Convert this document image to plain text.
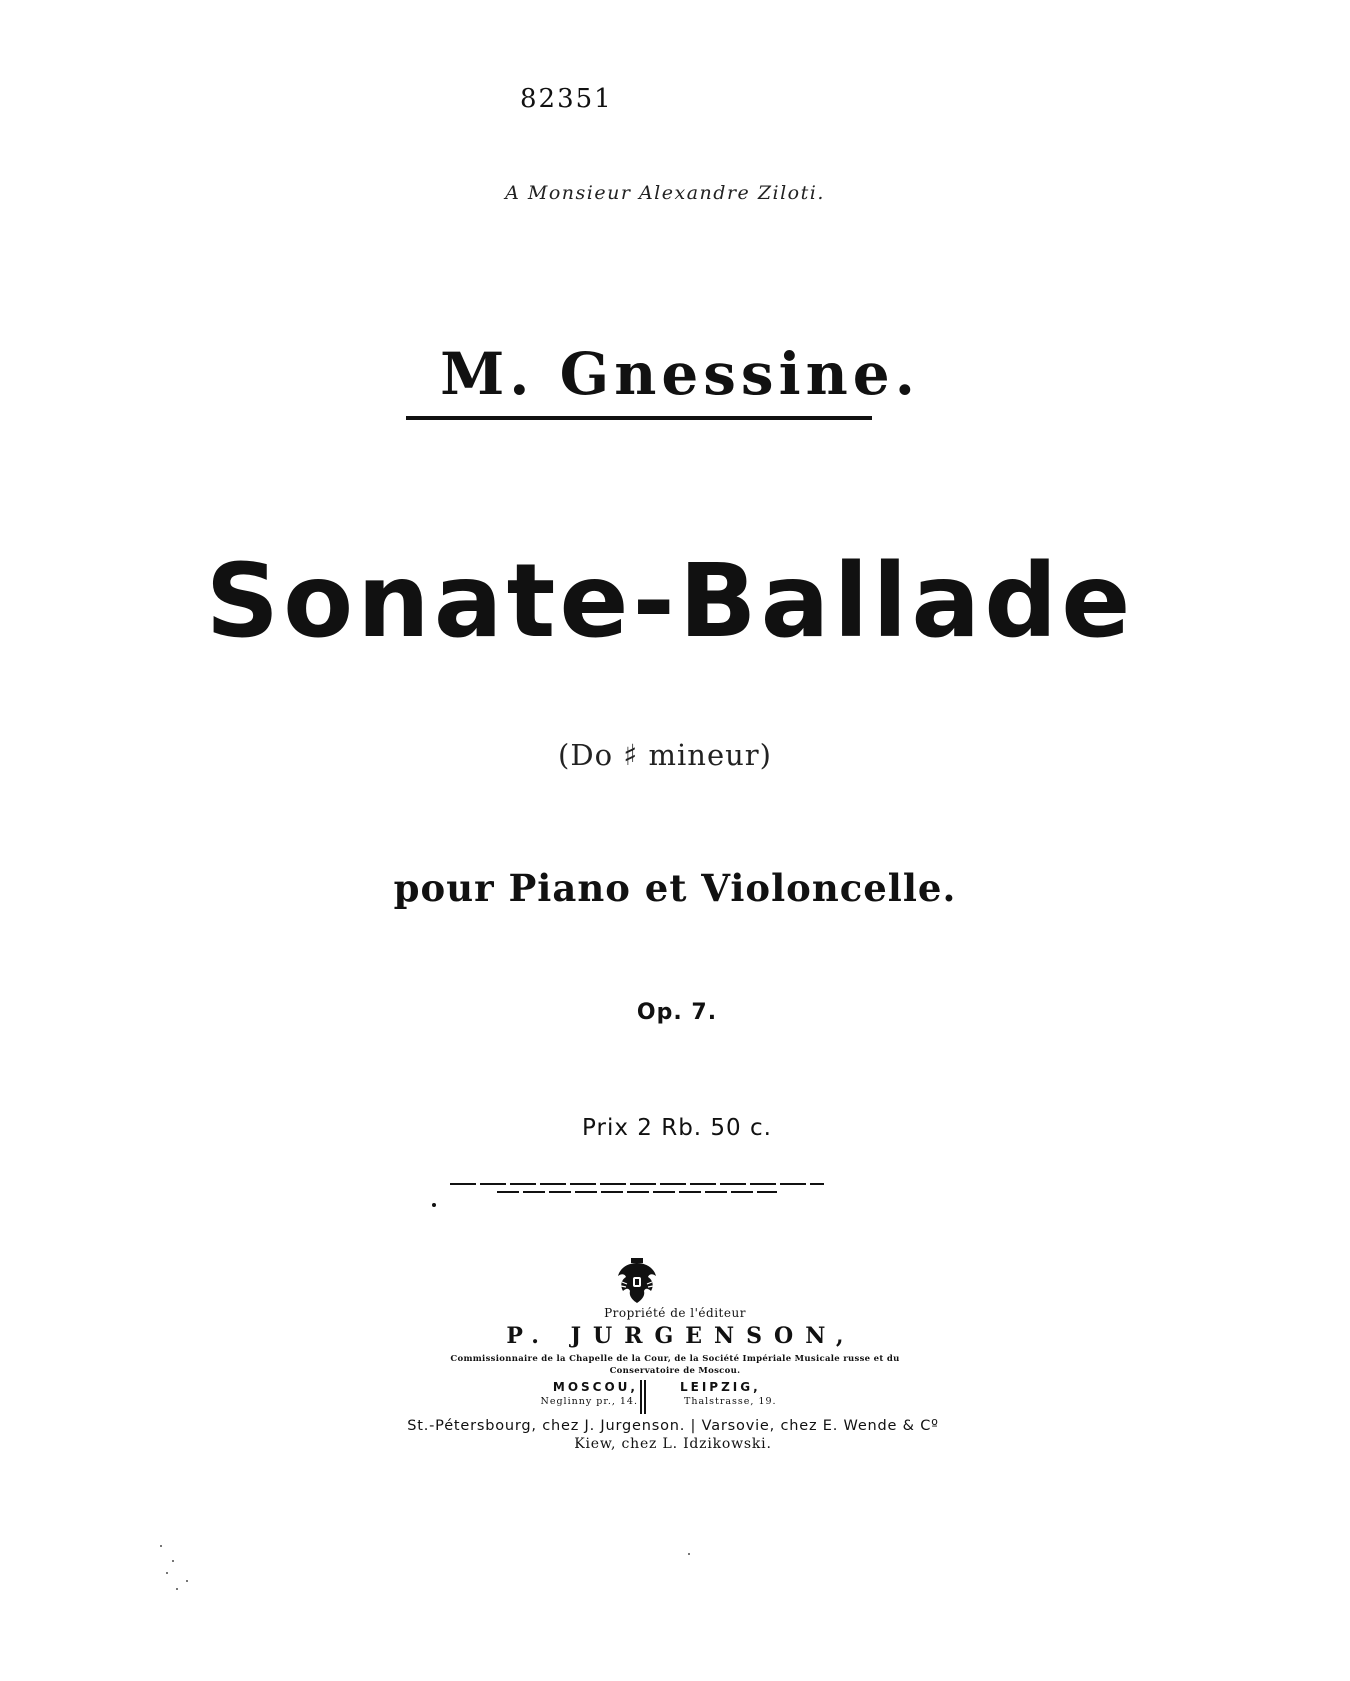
82351
A Monsieur Alexandre Ziloti.
M. Gnessine.
Sonate-Ballade
(Do ♯ mineur)
pour Piano et Violoncelle.
Op. 7.
Prix 2 Rb. 50 c.
Propriété de l'éditeur
P. JURGENSON,
Commissionnaire de la Chapelle de la Cour, de la Société Impériale Musicale russe et du
Conservatoire de Moscou.
MOSCOU,
Neglinny pr., 14.
LEIPZIG,
Thalstrasse, 19.
St.-Pétersbourg, chez J. Jurgenson. | Varsovie, chez E. Wende & Cº
Kiew, chez L. Idzikowski.
